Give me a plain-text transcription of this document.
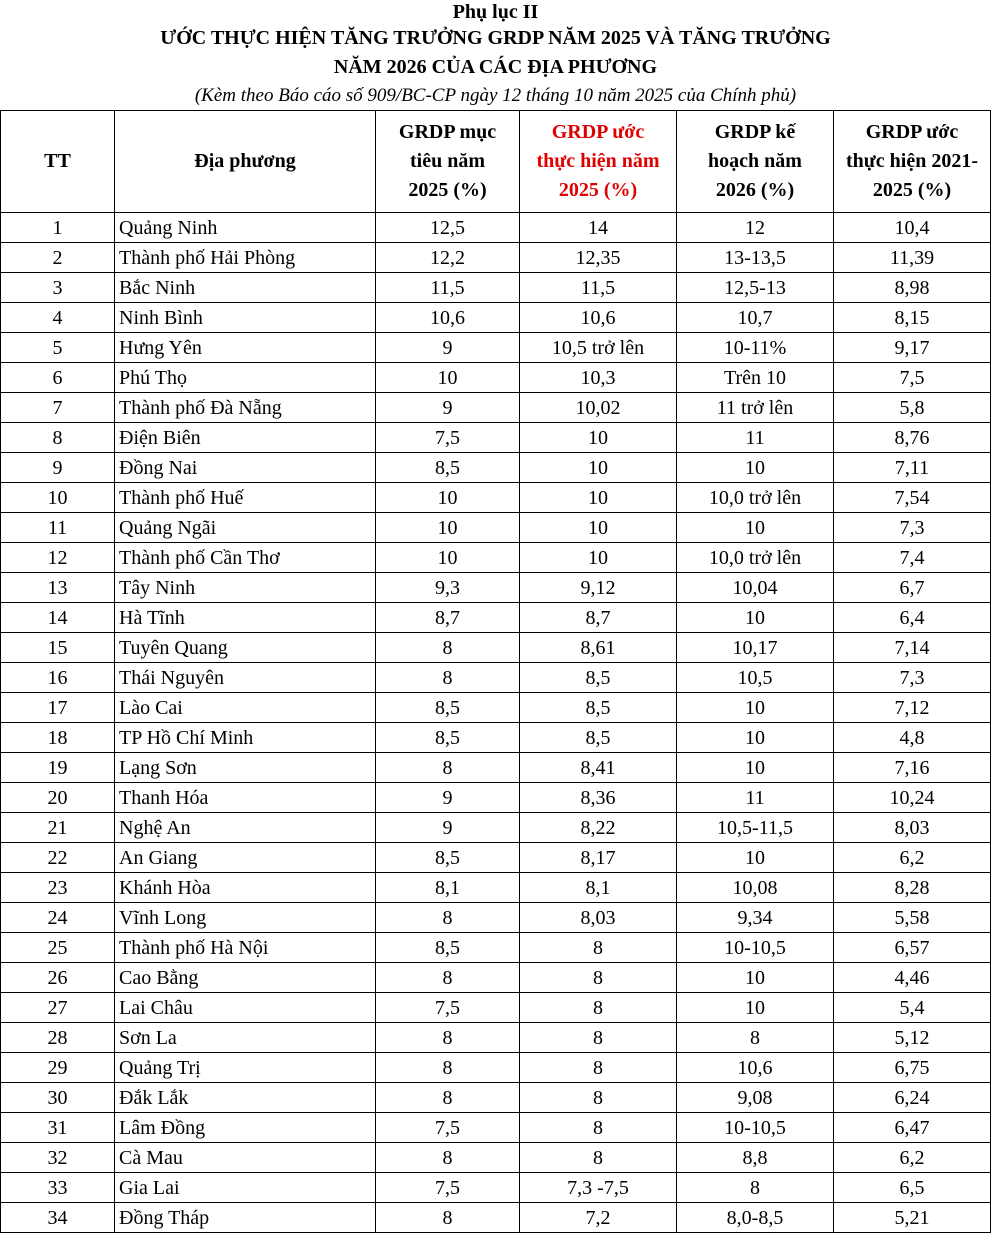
Phụ lục II
ƯỚC THỰC HIỆN TĂNG TRƯỞNG GRDP NĂM 2025 VÀ TĂNG TRƯỞNG
NĂM 2026 CỦA CÁC ĐỊA PHƯƠNG
(Kèm theo Báo cáo số 909/BC-CP ngày 12 tháng 10 năm 2025 của Chính phủ)
TT	Địa phương	GRDP mục
tiêu năm
2025 (%)	GRDP ước
thực hiện năm
2025 (%)	GRDP kế
hoạch năm
2026 (%)	GRDP ước
thực hiện 2021-
2025 (%)
1	Quảng Ninh	12,5	14	12	10,4
2	Thành phố Hải Phòng	12,2	12,35	13-13,5	11,39
3	Bắc Ninh	11,5	11,5	12,5-13	8,98
4	Ninh Bình	10,6	10,6	10,7	8,15
5	Hưng Yên	9	10,5 trở lên	10-11%	9,17
6	Phú Thọ	10	10,3	Trên 10	7,5
7	Thành phố Đà Nẵng	9	10,02	11 trở lên	5,8
8	Điện Biên	7,5	10	11	8,76
9	Đồng Nai	8,5	10	10	7,11
10	Thành phố Huế	10	10	10,0 trở lên	7,54
11	Quảng Ngãi	10	10	10	7,3
12	Thành phố Cần Thơ	10	10	10,0 trở lên	7,4
13	Tây Ninh	9,3	9,12	10,04	6,7
14	Hà Tĩnh	8,7	8,7	10	6,4
15	Tuyên Quang	8	8,61	10,17	7,14
16	Thái Nguyên	8	8,5	10,5	7,3
17	Lào Cai	8,5	8,5	10	7,12
18	TP Hồ Chí Minh	8,5	8,5	10	4,8
19	Lạng Sơn	8	8,41	10	7,16
20	Thanh Hóa	9	8,36	11	10,24
21	Nghệ An	9	8,22	10,5-11,5	8,03
22	An Giang	8,5	8,17	10	6,2
23	Khánh Hòa	8,1	8,1	10,08	8,28
24	Vĩnh Long	8	8,03	9,34	5,58
25	Thành phố Hà Nội	8,5	8	10-10,5	6,57
26	Cao Bằng	8	8	10	4,46
27	Lai Châu	7,5	8	10	5,4
28	Sơn La	8	8	8	5,12
29	Quảng Trị	8	8	10,6	6,75
30	Đắk Lắk	8	8	9,08	6,24
31	Lâm Đồng	7,5	8	10-10,5	6,47
32	Cà Mau	8	8	8,8	6,2
33	Gia Lai	7,5	7,3 -7,5	8	6,5
34	Đồng Tháp	8	7,2	8,0-8,5	5,21
